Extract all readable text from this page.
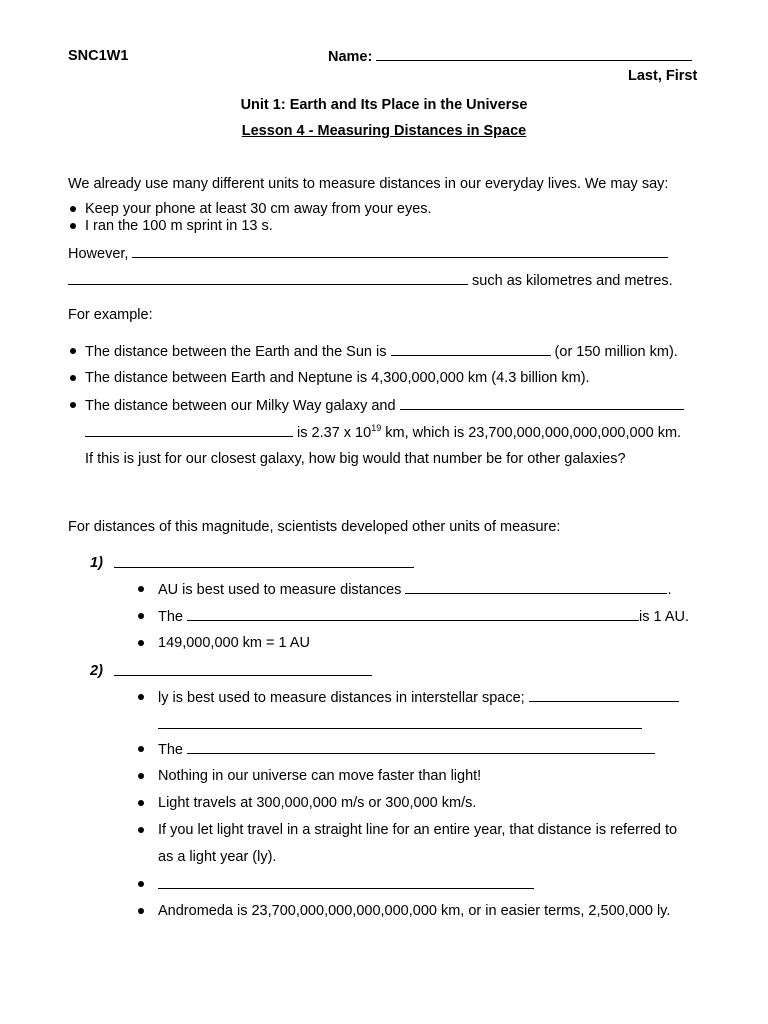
SNC1W1	Name:
Last, First
Unit 1: Earth and Its Place in the Universe
Lesson 4 - Measuring Distances in Space
We already use many different units to measure distances in our everyday lives. We may say:
Keep your phone at least 30 cm away from your eyes.
I ran the 100 m sprint in 13 s.
However,
such as kilometres and metres.
For example:
The distance between the Earth and the Sun is	(or 150 million km).
The distance between Earth and Neptune is 4,300,000,000 km (4.3 billion km).
The distance between our Milky Way galaxy and
is 2.37 x $10^{19}$ km, which is 23,700,000,000,000,000,000 km.
If this is just for our closest galaxy, how big would that number be for other galaxies?
For distances of this magnitude, scientists developed other units of measure:
1)
AU is best used to measure distances	.
The	is 1 AU.
149,000,000 km = 1 AU
2)
ly is best used to measure distances in interstellar space;
The
Nothing in our universe can move faster than light!
Light travels at 300,000,000 m/s or 300,000 km/s.
If you let light travel in a straight line for an entire year, that distance is referred to
as a light year (ly).
Andromeda is 23,700,000,000,000,000,000 km, or in easier terms, 2,500,000 ly.
